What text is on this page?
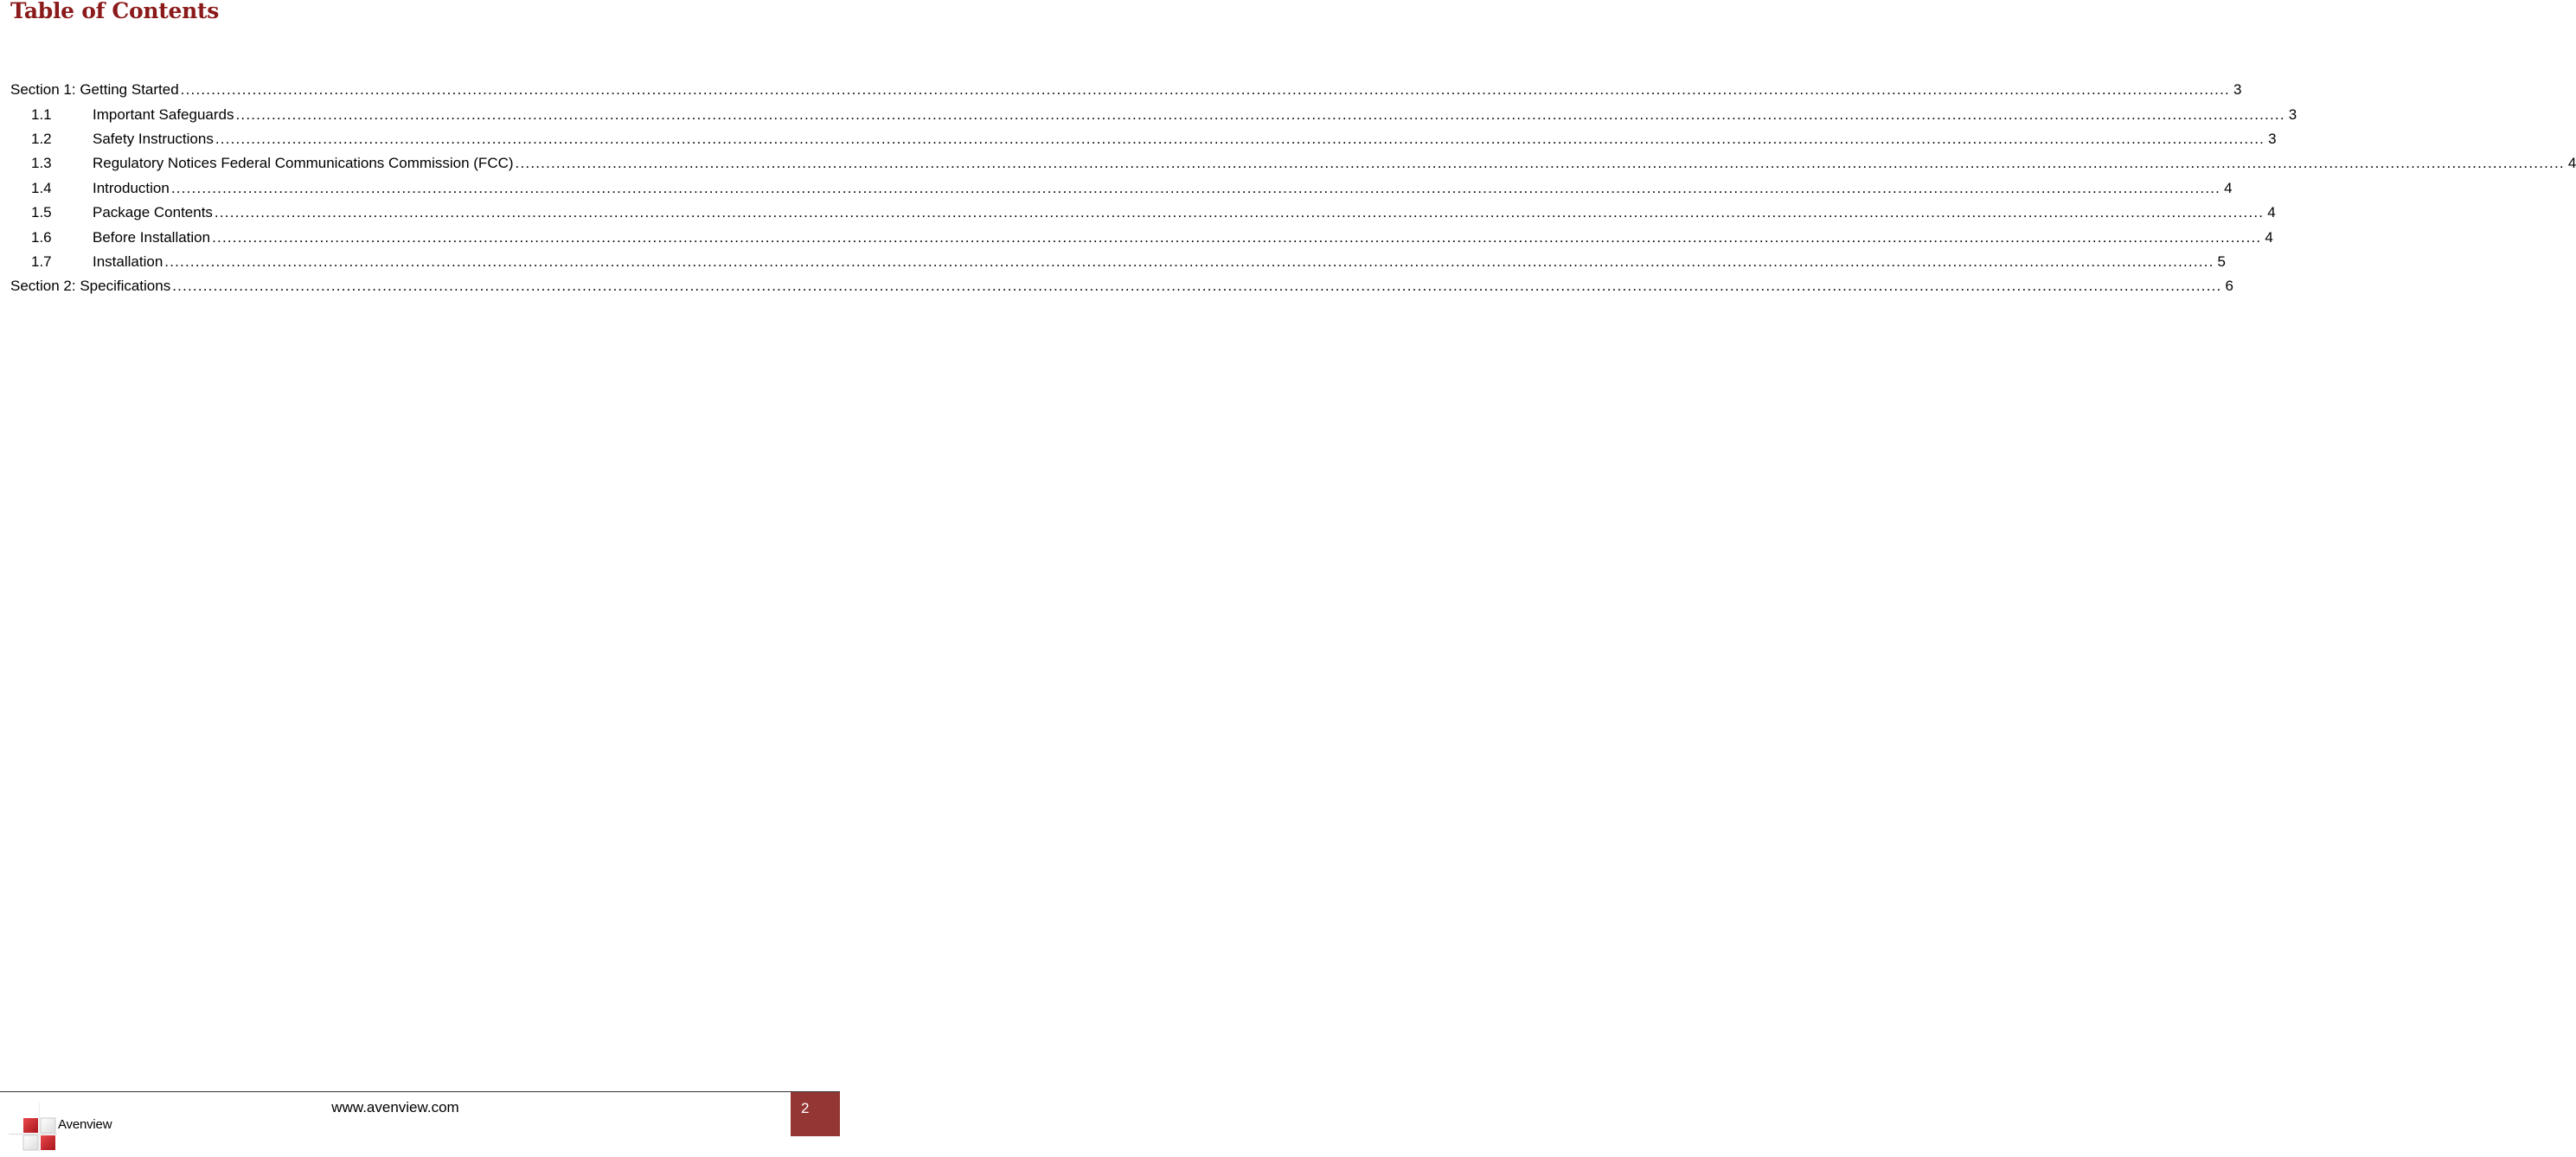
Table of Contents
Section 1: Getting Started ................................................................................................................................................................................................................................................................................................................................................................................................................ 3
1.1	Important Safeguards ................................................................................................................................................................................................................................................................................................................................................................................................................ 3
1.2	Safety Instructions ................................................................................................................................................................................................................................................................................................................................................................................................................ 3
1.3	Regulatory Notices Federal Communications Commission (FCC) ................................................................................................................................................................................................................................................................................................................................................................................................................ 4
1.4	Introduction ................................................................................................................................................................................................................................................................................................................................................................................................................ 4
1.5	Package Contents ................................................................................................................................................................................................................................................................................................................................................................................................................ 4
1.6	Before Installation ................................................................................................................................................................................................................................................................................................................................................................................................................ 4
1.7	Installation ................................................................................................................................................................................................................................................................................................................................................................................................................ 5
Section 2: Specifications ................................................................................................................................................................................................................................................................................................................................................................................................................ 6
Avenview
www.avenview.com	2
